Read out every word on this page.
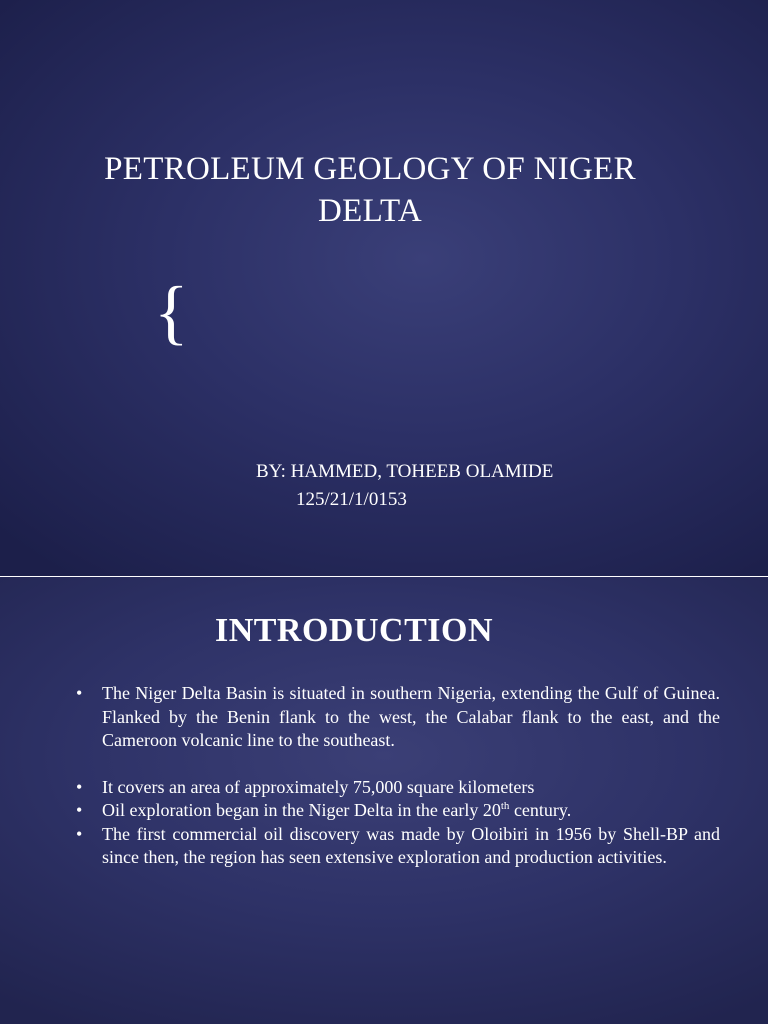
PETROLEUM GEOLOGY OF NIGER DELTA
{
BY: HAMMED, TOHEEB OLAMIDE
125/21/1/0153
INTRODUCTION
• The Niger Delta Basin is situated in southern Nigeria, extending the Gulf of Guinea. Flanked by the Benin flank to the west, the Calabar flank to the east, and the Cameroon volcanic line to the southeast.
• It covers an area of approximately 75,000 square kilometers
• Oil exploration began in the Niger Delta in the early 20th century.
• The first commercial oil discovery was made by Oloibiri in 1956 by Shell-BP and since then, the region has seen extensive exploration and production activities.
